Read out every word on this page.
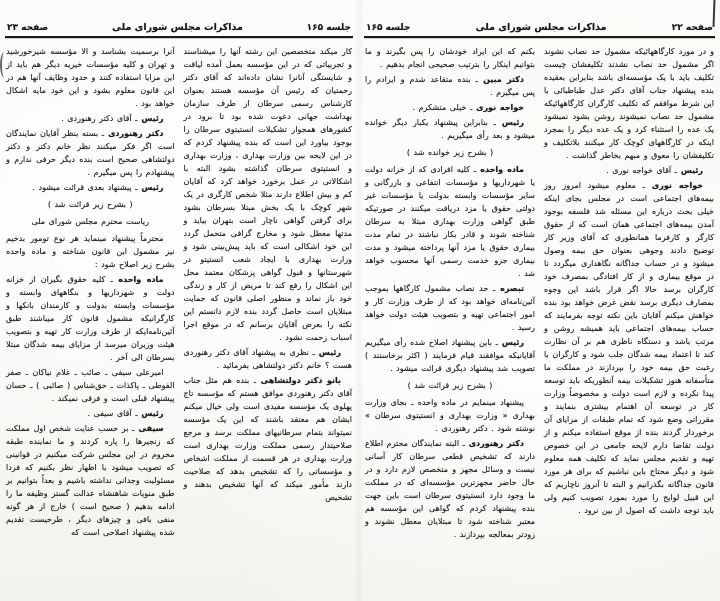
صفحه ۲۲
مذاکرات مجلس شورای ملی
جلسه ۱۶۵

و در مورد کارگاههائیکه مشمول حد نصاب نشوند اگر مشمول حد نصاب نشدند تکلیفشان چیست تکلیف باید با یک مؤسسه‌ای باشد بنابراین بعقیده بنده پیشنهاد جناب آقای دکتر عدل طباطبائی با این شرط موافقم که تکلیف کارگران کارگاههائیکه مشمول حد نصاب نمیشوند روشن بشود نمیشود یک عده را استثناء کرد و یک عده دیگر را بمجرد اینکه در کارگاههای کوچک کار میکنند بلاتکلیف و تکلیفشان را معوق و مبهم بخاطر گذاشت .

رئیس ـ آقای خواجه نوری .

خواجه نوری ـ معلوم میشود امروز روز بیمه‌های اجتماعی است در مجلس بجای اینکه خیلی بحث درباره این مسئله شد فلسفه بوجود آمدن بیمه‌های اجتماعی همان است که از حقوق کارگر و کارفرما همانطوری که آقای وزیر کار توضیح دادند وجوهی بعنوان حق بیمه وصول میشود و در حساب جداگانه نگاهداری میگردد تا در موقع بیماری و از کار افتادگی بمصرف خود کارگران برسد حالا اگر قرار باشد این وجوه بمصارف دیگری برسد نقض غرض خواهد بود بنده خواهش میکنم آقایان باین نکته توجه بفرمایند که حساب بیمه‌های اجتماعی باید همیشه روشن و مرتب باشد و دستگاه ناظری هم بر آن نظارت کند تا اعتماد بیمه شدگان جلب شود و کارگران با رغبت حق بیمه خود را بپردازند در مملکت ما متأسفانه هنوز تشکیلات بیمه آنطوریکه باید توسعه پیدا نکرده و لازم است دولت و مخصوصاً وزارت کار در توسعه آن اهتمام بیشتری بنمایند و مقرراتی وضع شود که تمام طبقات از مزایای آن برخوردار گردند بنده از موقع استفاده میکنم و از دولت تقاضا دارم لایحه جامعی در این خصوص تهیه و تقدیم مجلس نماید که تکلیف همه معلوم شود و دیگر محتاج باین نباشیم که برای هر مورد قانون جداگانه بگذرانیم و البته تا آنروز ناچاریم که این قبیل لوایح را مورد بمورد تصویب کنیم ولی باید توجه داشت که اصول از بین نرود .

بکنم که این ایراد خودشان را پس بگیرند و ما بتوانیم اینکار را بترتیب صحیحی انجام بدهیم .

دکتر مبین ـ بنده متقاعد شدم و ایرادم را پس میگیرم .

خواجه نوری ـ خیلی متشکرم .

رئیس ـ بنابراین پیشنهاد یکبار دیگر خوانده میشود و بعد رأی میگیریم .

( بشرح زیر خوانده شد )

ماده واحده ـ کلیه افرادی که از خزانه دولت یا شهرداریها و مؤسسات انتفاعی و بازرگانی و سایر مؤسسات وابسته بدولت یا مؤسسات غیر دولتی حقوق یا مزد دریافت میکنند در صورتیکه طبق گواهی وزارت بهداری مبتلا به سرطان شناخته شوند و قادر بکار نباشند در تمام مدت بیماری حقوق یا مزد آنها پرداخته میشود و مدت بیماری جزو خدمت رسمی آنها محسوب خواهد شد .

تبصره ـ حد نصاب مشمول کارگاهها بموجب آئین‌نامه‌ای خواهد بود که از طرف وزارت کار و امور اجتماعی تهیه و بتصویب هیئت دولت خواهد رسید .

رئیس ـ باین پیشنهاد اصلاح شده رأی میگیریم آقایانیکه موافقند قیام فرمایند ( اکثر برخاستند ) تصویب شد پیشنهاد دیگری قرائت میشود .

( بشرح زیر قرائت شد )

پیشنهاد مینمایم در ماده واحده ـ بجای وزارت بهداری « وزارت بهداری و انستیتوی سرطان » نوشته شود . دکتر رهنوردی .

دکتر رهنوردی ـ البته نمایندگان محترم اطلاع دارند که تشخیص قطعی سرطان کار آسانی نیست و وسائل مجهز و متخصص لازم دارد و در حال حاضر مجهزترین مؤسسه‌ای که در مملکت ما وجود دارد انستیتوی سرطان است باین جهت بنده پیشنهاد کردم که گواهی این مؤسسه هم معتبر شناخته شود تا مبتلایان معطل نشوند و زودتر بمعالجه بپردازند .

جلسه ۱۶۵
مذاکرات مجلس شورای ملی
صفحه ۲۳

کار میکند متخصصین این رشته آنها را میشناسند و تجربیاتی که در این مؤسسه بعمل آمده لیاقت و شایستگی آنانرا نشان داده‌اند که آقای دکتر رحمتیان که رئیس آن مؤسسه هستند بعنوان کارشناس رسمی سرطان از طرف سازمان بهداشت جهانی دعوت شده بود تا برود در کشورهای همجوار تشکیلات انستیتوی سرطان را بوجود بیاورد این است که بنده پیشنهاد کردم که در این لایحه بین وزارت بهداری ، وزارت بهداری و انستیتوی سرطان گذاشته بشود البته با اشکالاتی در عمل برخورد خواهد کرد که آقایان کم و بیش اطلاع دارند مثلا شخص کارگری در یک شهر کوچک با یک بخش مبتلا بسرطان بشود برای گرفتن گواهی ناچار است بتهران بیاید و مدتها معطل شود و مخارج گزافی متحمل گردد این خود اشکالی است که باید پیش‌بینی شود و وزارت بهداری با ایجاد شعب انستیتو در شهرستانها و قبول گواهی پزشکان معتمد محل این اشکال را رفع کند تا مریض از کار و زندگی خود باز نماند و منظور اصلی قانون که حمایت مبتلایان است حاصل گردد بنده لازم دانستم این نکته را بعرض آقایان برسانم که در موقع اجرا اسباب زحمت نشود .

رئیس ـ نظری به پیشنهاد آقای دکتر رهنوردی هست ؟ خانم دکتر دولتشاهی بفرمائید .

بانو دکتر دولتشاهی ـ بنده هم مثل جناب آقای دکتر رهنوردی موافق هستم که مؤسسه تاج پهلوی یک مؤسسه مفیدی است ولی خیال میکنم ایشان هم معتقد باشند که این یک مؤسسه نمیتواند بتمام سرطانیهای مملکت برسد و مرجع صلاحیتدار رسمی مملکت وزارت بهداری است وزارت بهداری در هر قسمت از مملکت اشخاص و مؤسساتی را که تشخیص بدهد که صلاحیت دارند مأمور میکند که آنها تشخیص بدهند و تشخیص

آنرا برسمیت بشناسد و الا مؤسسه شیرخورشید و تهران و کلیه مؤسسات خیریه دیگر هم باید از این مزایا استفاده کنند و حدود وظایف آنها هم در این قانون معلوم بشود و این خود مایه اشکال خواهد بود .

رئیس ـ آقای دکتر رهنوردی .

دکتر رهنوردی ـ بسته بنظر آقایان نمایندگان است اگر فکر میکنند نظر خانم دکتر و دکتر دولتشاهی صحیح است بنده دیگر حرفی ندارم و پیشنهادم را پس میگیرم .

رئیس ـ پیشنهاد بعدی قرائت میشود .

( بشرح زیر قرائت شد )

ریاست محترم مجلس شورای ملی

محترماً پیشنهاد مینماید هر نوع تومور بدخیم نیز مشمول این قانون شناخته و ماده واحده بشرح زیر اصلاح شود :

ماده واحده ـ کلیه حقوق بگیران از خزانه دولت و شهرداریها و بنگاههای وابسته و مؤسسات وابسته بدولت و کارمندان بانکها و کارگرانیکه مشمول قانون کار میباشند طبق آئین‌نامه‌ایکه از طرف وزارت کار تهیه و بتصویب هیئت وزیران میرسد از مزایای بیمه شدگان مبتلا بسرطان الی آخر .

امیرعلی سیفی ـ صائب ـ غلام نیاکان ـ صفر الفوطی ـ پاکذات ـ حق‌شناس ( صائبی ) ـ حسان پیشنهاد قبلی است و فرقی نمیکند .

رئیس ـ آقای سیفی .

سیفی ـ بر حسب عنایت شخص اول مملکت که زنجیرها را پاره کردند و ما نماینده طبقه محروم در این مجلس شرکت میکنیم در قوانینی که تصویب میشود با اظهار نظر بکنیم که فردا مسئولیت وجدانی نداشته باشیم و بعداً بتوانیم بر طبق منویات شاهنشاه عدالت گستر وظیفه ما را ادامه بدهیم ( صحیح است ) خارج از هر گونه منفی بافی و چیزهای دیگر ، طرحیست تقدیم شده پیشنهاد اصلاحی است که
